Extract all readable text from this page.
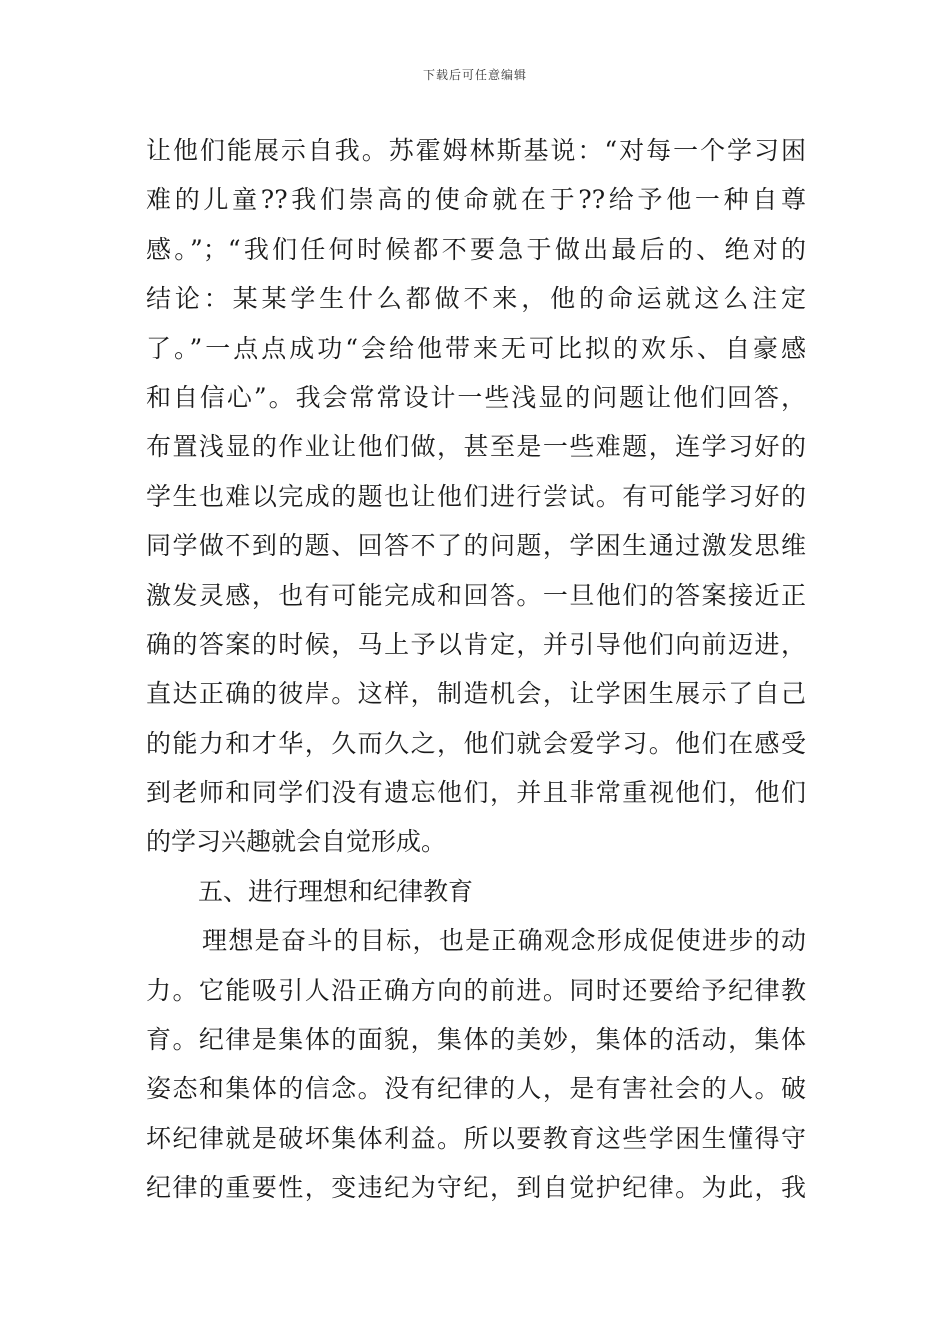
下载后可任意编辑
让他们能展示自我。苏霍姆林斯基说：“对每一个学习困
难的儿童??我们崇高的使命就在于??给予他一种自尊
感。”；“我们任何时候都不要急于做出最后的、绝对的
结论：某某学生什么都做不来，他的命运就这么注定
了。”一点点成功“会给他带来无可比拟的欢乐、自豪感
和自信心”。我会常常设计一些浅显的问题让他们回答，
布置浅显的作业让他们做，甚至是一些难题，连学习好的
学生也难以完成的题也让他们进行尝试。有可能学习好的
同学做不到的题、回答不了的问题，学困生通过激发思维
激发灵感，也有可能完成和回答。一旦他们的答案接近正
确的答案的时候，马上予以肯定，并引导他们向前迈进，
直达正确的彼岸。这样，制造机会，让学困生展示了自己
的能力和才华，久而久之，他们就会爱学习。他们在感受
到老师和同学们没有遗忘他们，并且非常重视他们，他们
的学习兴趣就会自觉形成。
五、进行理想和纪律教育
理想是奋斗的目标，也是正确观念形成促使进步的动
力。它能吸引人沿正确方向的前进。同时还要给予纪律教
育。纪律是集体的面貌，集体的美妙，集体的活动，集体
姿态和集体的信念。没有纪律的人，是有害社会的人。破
坏纪律就是破坏集体利益。所以要教育这些学困生懂得守
纪律的重要性，变违纪为守纪，到自觉护纪律。为此，我
